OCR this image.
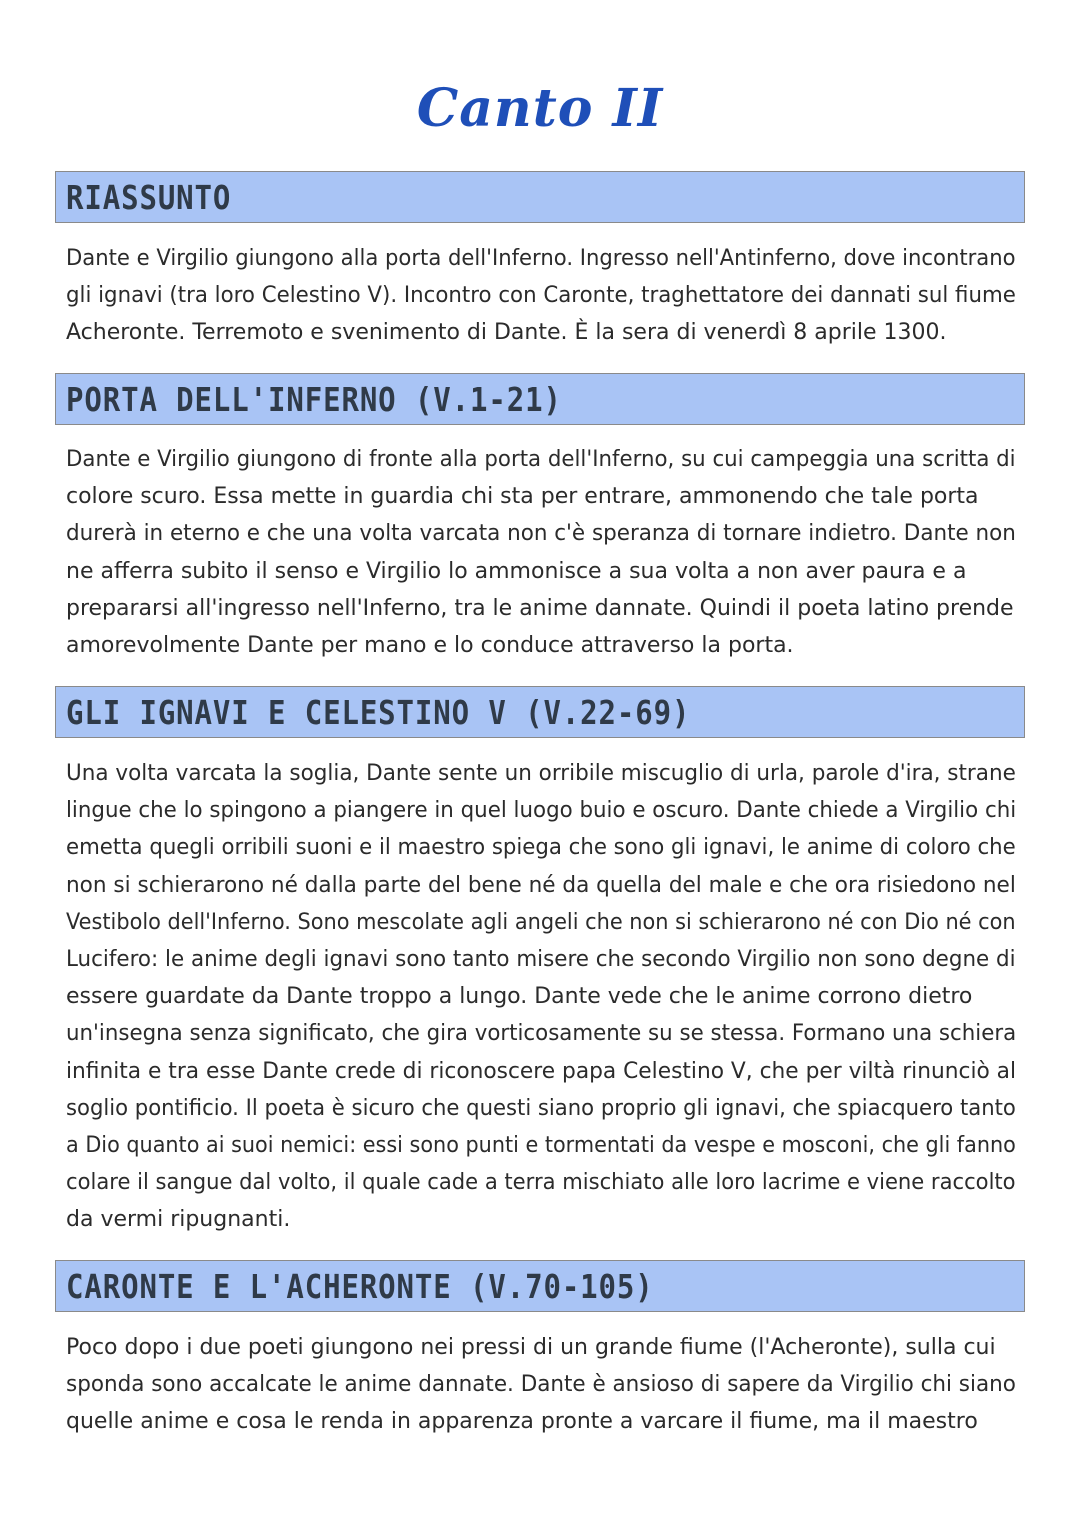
Canto II
RIASSUNTO
Dante e Virgilio giungono alla porta dell'Inferno. Ingresso nell'Antinferno, dove incontrano
gli ignavi (tra loro Celestino V). Incontro con Caronte, traghettatore dei dannati sul fiume
Acheronte. Terremoto e svenimento di Dante. È la sera di venerdì 8 aprile 1300.
PORTA DELL'INFERNO (V.1-21)
Dante e Virgilio giungono di fronte alla porta dell'Inferno, su cui campeggia una scritta di
colore scuro. Essa mette in guardia chi sta per entrare, ammonendo che tale porta
durerà in eterno e che una volta varcata non c'è speranza di tornare indietro. Dante non
ne afferra subito il senso e Virgilio lo ammonisce a sua volta a non aver paura e a
prepararsi all'ingresso nell'Inferno, tra le anime dannate. Quindi il poeta latino prende
amorevolmente Dante per mano e lo conduce attraverso la porta.
GLI IGNAVI E CELESTINO V (V.22-69)
Una volta varcata la soglia, Dante sente un orribile miscuglio di urla, parole d'ira, strane
lingue che lo spingono a piangere in quel luogo buio e oscuro. Dante chiede a Virgilio chi
emetta quegli orribili suoni e il maestro spiega che sono gli ignavi, le anime di coloro che
non si schierarono né dalla parte del bene né da quella del male e che ora risiedono nel
Vestibolo dell'Inferno. Sono mescolate agli angeli che non si schierarono né con Dio né con
Lucifero: le anime degli ignavi sono tanto misere che secondo Virgilio non sono degne di
essere guardate da Dante troppo a lungo. Dante vede che le anime corrono dietro
un'insegna senza significato, che gira vorticosamente su se stessa. Formano una schiera
infinita e tra esse Dante crede di riconoscere papa Celestino V, che per viltà rinunciò al
soglio pontificio. Il poeta è sicuro che questi siano proprio gli ignavi, che spiacquero tanto
a Dio quanto ai suoi nemici: essi sono punti e tormentati da vespe e mosconi, che gli fanno
colare il sangue dal volto, il quale cade a terra mischiato alle loro lacrime e viene raccolto
da vermi ripugnanti.
CARONTE E L'ACHERONTE (V.70-105)
Poco dopo i due poeti giungono nei pressi di un grande fiume (l'Acheronte), sulla cui
sponda sono accalcate le anime dannate. Dante è ansioso di sapere da Virgilio chi siano
quelle anime e cosa le renda in apparenza pronte a varcare il fiume, ma il maestro
